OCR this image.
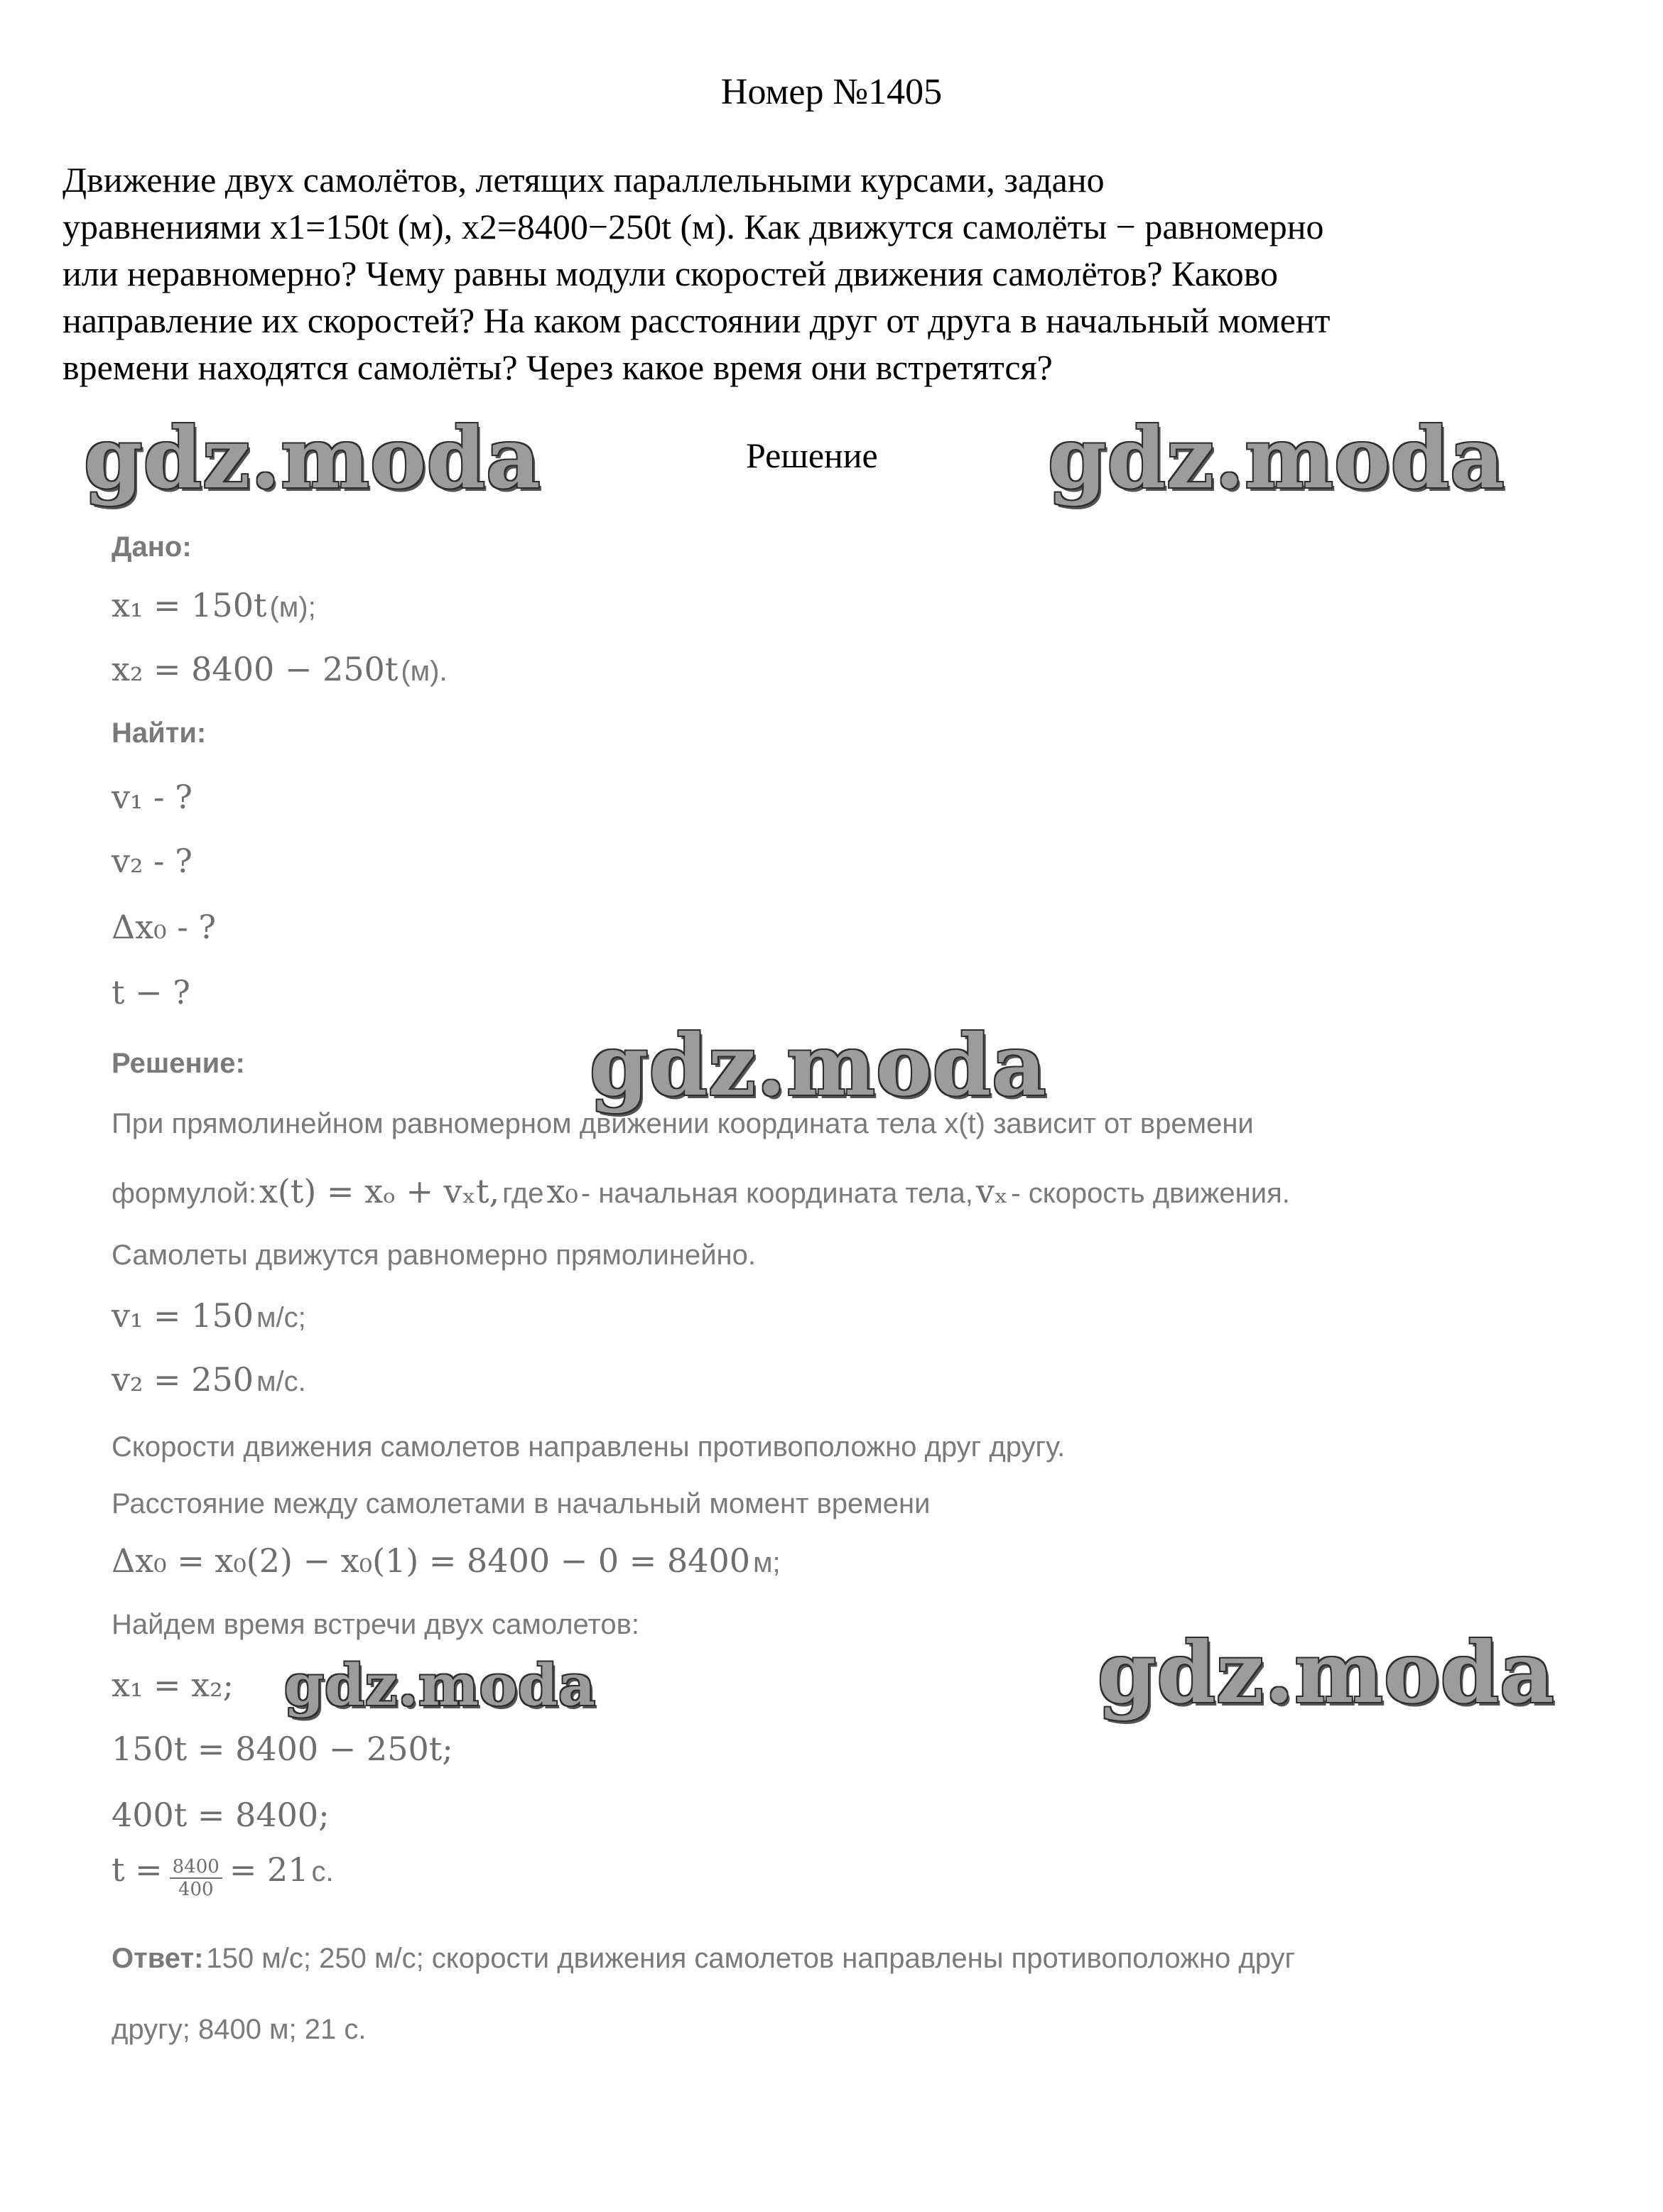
Номер №1405
Движение двух самолётов, летящих параллельными курсами, задано
уравнениями x1=150t (м), x2=8400−250t (м). Как движутся самолёты − равномерно
или неравномерно? Чему равны модули скоростей движения самолётов? Каково
направление их скоростей? На каком расстоянии друг от друга в начальный момент
времени находятся самолёты? Через какое время они встретятся?
Решение
gdz.moda	gdz.moda
gdz.moda
gdz.moda
gdz.moda
Дано:
x₁ = 150t (м);
x₂ = 8400 − 250t (м).
Найти:
v₁ - ?
v₂ - ?
Δx₀ - ?
t − ?
Решение:
При прямолинейном равномерном движении координата тела x(t) зависит от времени
формулой: x(t) = xₒ + vₓt, где x₀ - начальная координата тела, vₓ - скорость движения.
Самолеты движутся равномерно прямолинейно.
v₁ = 150 м/с;
v₂ = 250 м/с.
Скорости движения самолетов направлены противоположно друг другу.
Расстояние между самолетами в начальный момент времени
Δx₀ = x₀(2) − x₀(1) = 8400 − 0 = 8400 м;
Найдем время встречи двух самолетов:
x₁ = x₂;
150t = 8400 − 250t;
400t = 8400;
$t = \frac{8400}{400} = 21$ с.
Ответ: 150 м/с; 250 м/с; скорости движения самолетов направлены противоположно друг
другу; 8400 м; 21 с.
